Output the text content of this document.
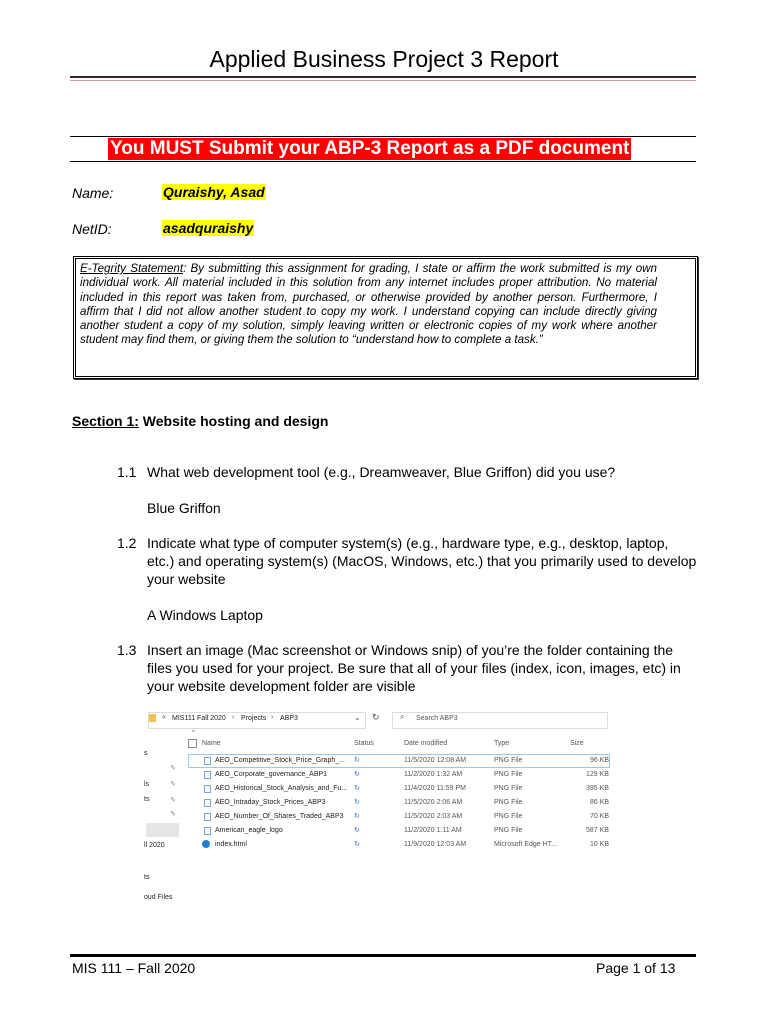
Applied Business Project 3 Report
You MUST Submit your ABP-3 Report as a PDF document
Name:	Quraishy, Asad
NetID:	asadquraishy
E-Tegrity Statement: By submitting this assignment for grading, I state or affirm the work submitted is my own individual work. All material included in this solution from any internet includes proper attribution. No material included in this report was taken from, purchased, or otherwise provided by another person. Furthermore, I affirm that I did not allow another student to copy my work. I understand copying can include directly giving another student a copy of my solution, simply leaving written or electronic copies of my work where another student may find them, or giving them the solution to “understand how to complete a task.”
Section 1: Website hosting and design
1.1 What web development tool (e.g., Dreamweaver, Blue Griffon) did you use?
Blue Griffon
1.2 Indicate what type of computer system(s) (e.g., hardware type, e.g., desktop, laptop, etc.) and operating system(s) (MacOS, Windows, etc.) that you primarily used to develop your website
A Windows Laptop
1.3 Insert an image (Mac screenshot or Windows snip) of you’re the folder containing the files you used for your project. Be sure that all of your files (index, icon, images, etc) in your website development folder are visible
« MIS111 Fall 2020 › Projects › ABP3	⌄ ↻	⌕ Search ABP3
^
Name	Status	Date modified	Type	Size
s
✎
ls	✎
ts	✎
✎
ll 2020
ts
oud Files
AEO_Competitive_Stock_Price_Graph_... ↻	11/5/2020 12:08 AM	PNG File	96 KB
AEO_Corporate_governance_ABP1	↻	11/2/2020 1:32 AM	PNG File	129 KB
AEO_Historical_Stock_Analysis_and_Fu... ↻	11/4/2020 11:59 PM	PNG File	395 KB
AEO_Intraday_Stock_Prices_ABP3	↻	11/5/2020 2:06 AM	PNG File	86 KB
AEO_Number_Of_Shares_Traded_ABP3 ↻	11/5/2020 2:03 AM	PNG File	70 KB
American_eagle_logo	↻	11/2/2020 1:11 AM	PNG File	587 KB
index.html	↻	11/9/2020 12:03 AM	Microsoft Edge HT...	10 KB
MIS 111 – Fall 2020	Page 1 of 13
